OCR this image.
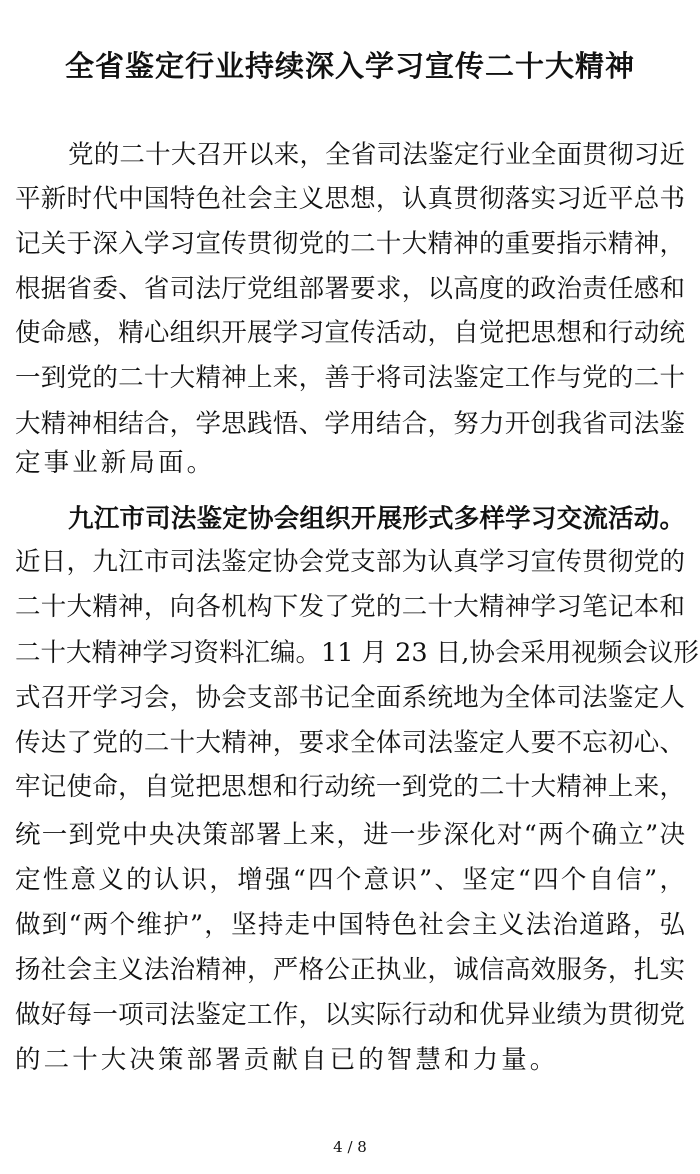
全省鉴定行业持续深入学习宣传二十大精神
党的二十大召开以来，全省司法鉴定行业全面贯彻习近
平新时代中国特色社会主义思想，认真贯彻落实习近平总书
记关于深入学习宣传贯彻党的二十大精神的重要指示精神，
根据省委、省司法厅党组部署要求，以高度的政治责任感和
使命感，精心组织开展学习宣传活动，自觉把思想和行动统
一到党的二十大精神上来，善于将司法鉴定工作与党的二十
大精神相结合，学思践悟、学用结合，努力开创我省司法鉴
定事业新局面。
九江市司法鉴定协会组织开展形式多样学习交流活动。
近日，九江市司法鉴定协会党支部为认真学习宣传贯彻党的
二十大精神，向各机构下发了党的二十大精神学习笔记本和
二十大精神学习资料汇编。11 月 23 日,协会采用视频会议形
式召开学习会，协会支部书记全面系统地为全体司法鉴定人
传达了党的二十大精神，要求全体司法鉴定人要不忘初心、
牢记使命，自觉把思想和行动统一到党的二十大精神上来，
统一到党中央决策部署上来，进一步深化对“两个确立”决
定性意义的认识，增强“四个意识”、坚定“四个自信”，
做到“两个维护”，坚持走中国特色社会主义法治道路，弘
扬社会主义法治精神，严格公正执业，诚信高效服务，扎实
做好每一项司法鉴定工作，以实际行动和优异业绩为贯彻党
的二十大决策部署贡献自已的智慧和力量。
4 / 8
